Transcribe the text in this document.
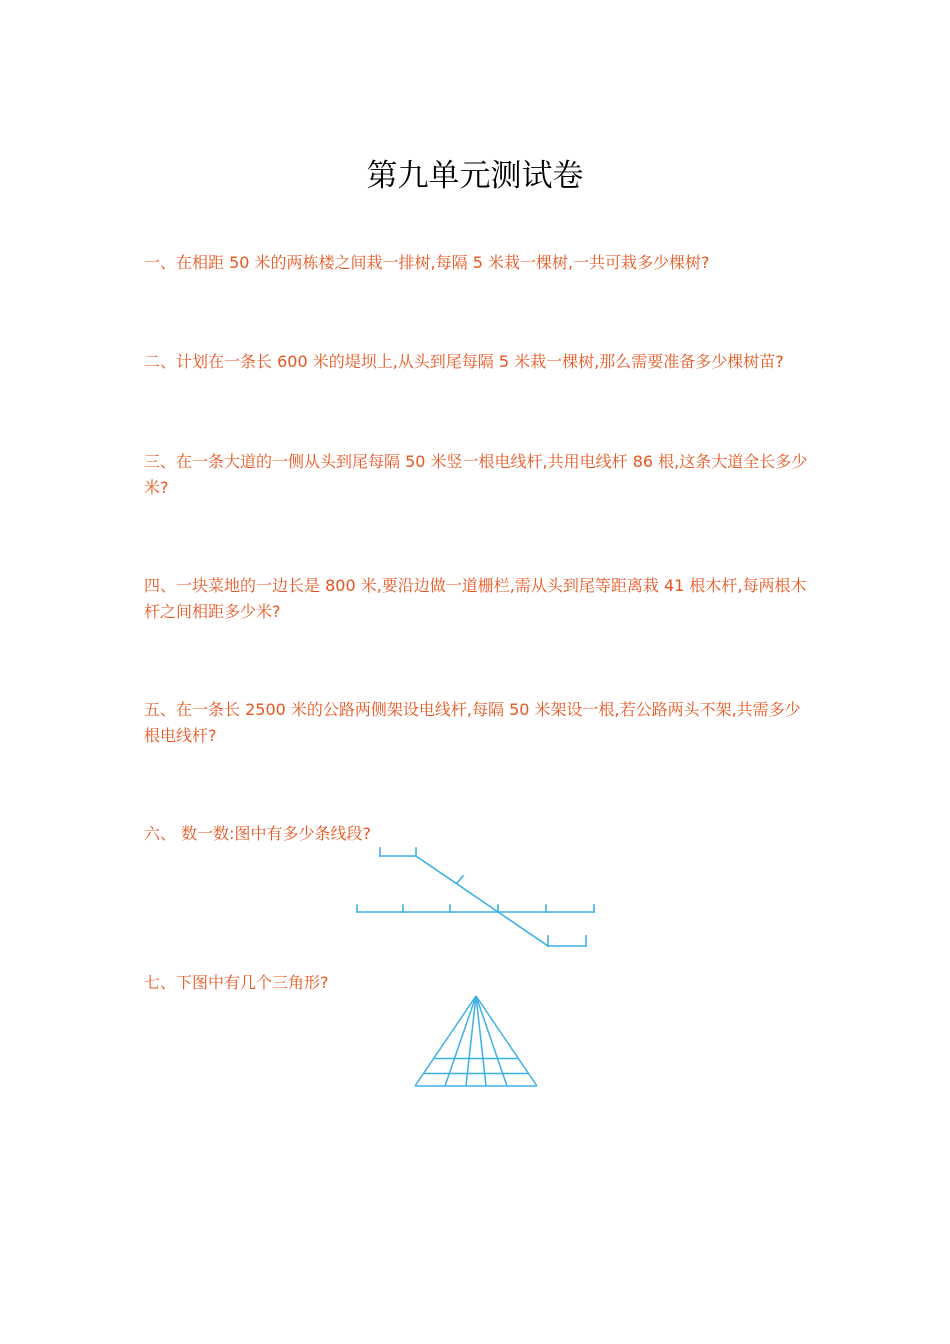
第九单元测试卷
一、在相距 50 米的两栋楼之间栽一排树,每隔 5 米栽一棵树,一共可栽多少棵树?
二、计划在一条长 600 米的堤坝上,从头到尾每隔 5 米栽一棵树,那么需要准备多少棵树苗?
三、在一条大道的一侧从头到尾每隔 50 米竖一根电线杆,共用电线杆 86 根,这条大道全长多少米?
四、一块菜地的一边长是 800 米,要沿边做一道栅栏,需从头到尾等距离栽 41 根木杆,每两根木杆之间相距多少米?
五、在一条长 2500 米的公路两侧架设电线杆,每隔 50 米架设一根,若公路两头不架,共需多少根电线杆?
六、 数一数:图中有多少条线段?
七、下图中有几个三角形?
